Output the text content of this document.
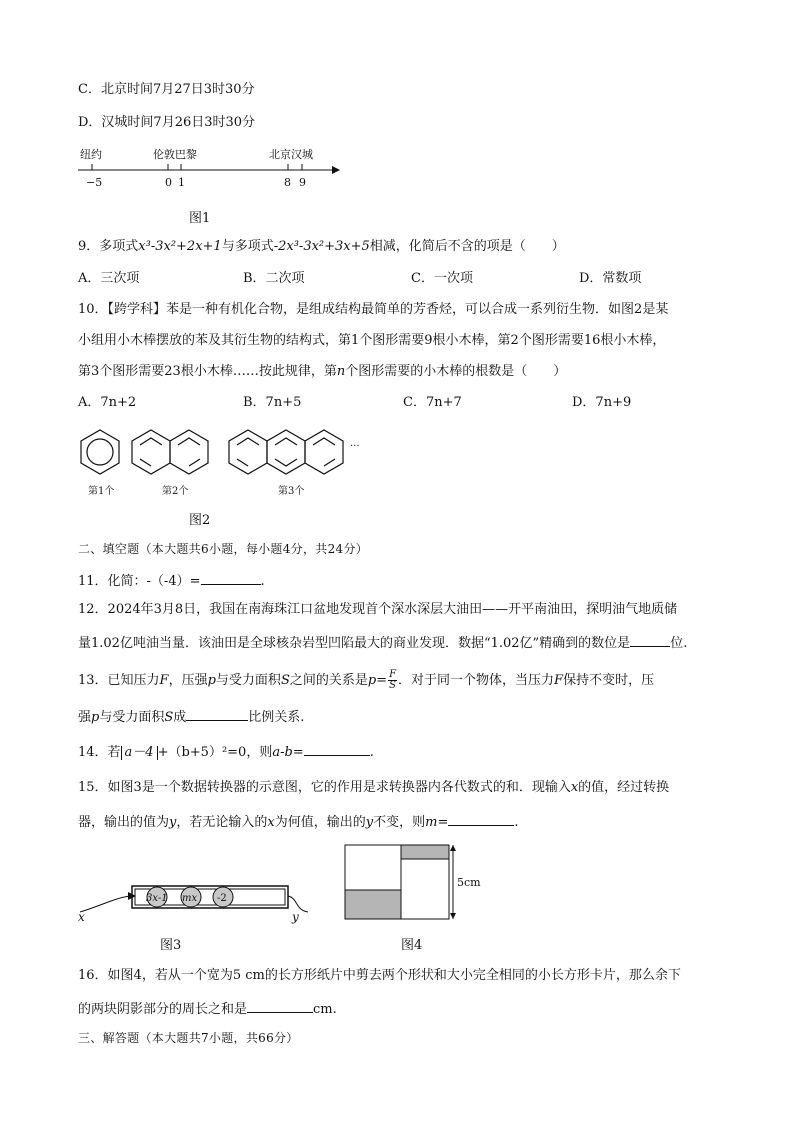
C．北京时间7月27日3时30分
D．汉城时间7月26日3时30分
纽约	伦敦巴黎	北京汉城
−5	0 1	8 9
图1
9．多项式x³-3x²+2x+1与多项式-2x³-3x²+3x+5相减，化简后不含的项是（　　）
A．三次项	B．二次项	C．一次项	D．常数项
10．【跨学科】苯是一种有机化合物，是组成结构最简单的芳香烃，可以合成一系列衍生物．如图2是某
小组用小木棒摆放的苯及其衍生物的结构式，第1个图形需要9根小木棒，第2个图形需要16根小木棒，
第3个图形需要23根小木棒……按此规律，第n个图形需要的小木棒的根数是（　　）
A．7n+2	B．7n+5	C．7n+7	D．7n+9
...
第1个	第2个	第3个
图2
二、填空题（本大题共6小题，每小题4分，共24分）
11．化简：-（-4）=	.
12．2024年3月8日，我国在南海珠江口盆地发现首个深水深层大油田——开平南油田，探明油气地质储
量1.02亿吨油当量．该油田是全球核杂岩型凹陷最大的商业发现．数据“1.02亿”精确到的数位是	位.
13．已知压力F，压强p与受力面积S之间的关系是$p= \frac{F}{S}$ ．对于同一个物体，当压力F保持不变时，压
强p与受力面积S成	比例关系.
14．若 a－4 +（b+5）²=0，则a-b=	.
15．如图3是一个数据转换器的示意图，它的作用是求转换器内各代数式的和．现输入x的值，经过转换
器，输出的值为y，若无论输入的x为何值，输出的y不变，则m=	.
3x-1 mx -2
x	y
图3
5cm
图4
16．如图4，若从一个宽为5 cm的长方形纸片中剪去两个形状和大小完全相同的小长方形卡片，那么余下
的两块阴影部分的周长之和是	cm.
三、解答题（本大题共7小题，共66分）
